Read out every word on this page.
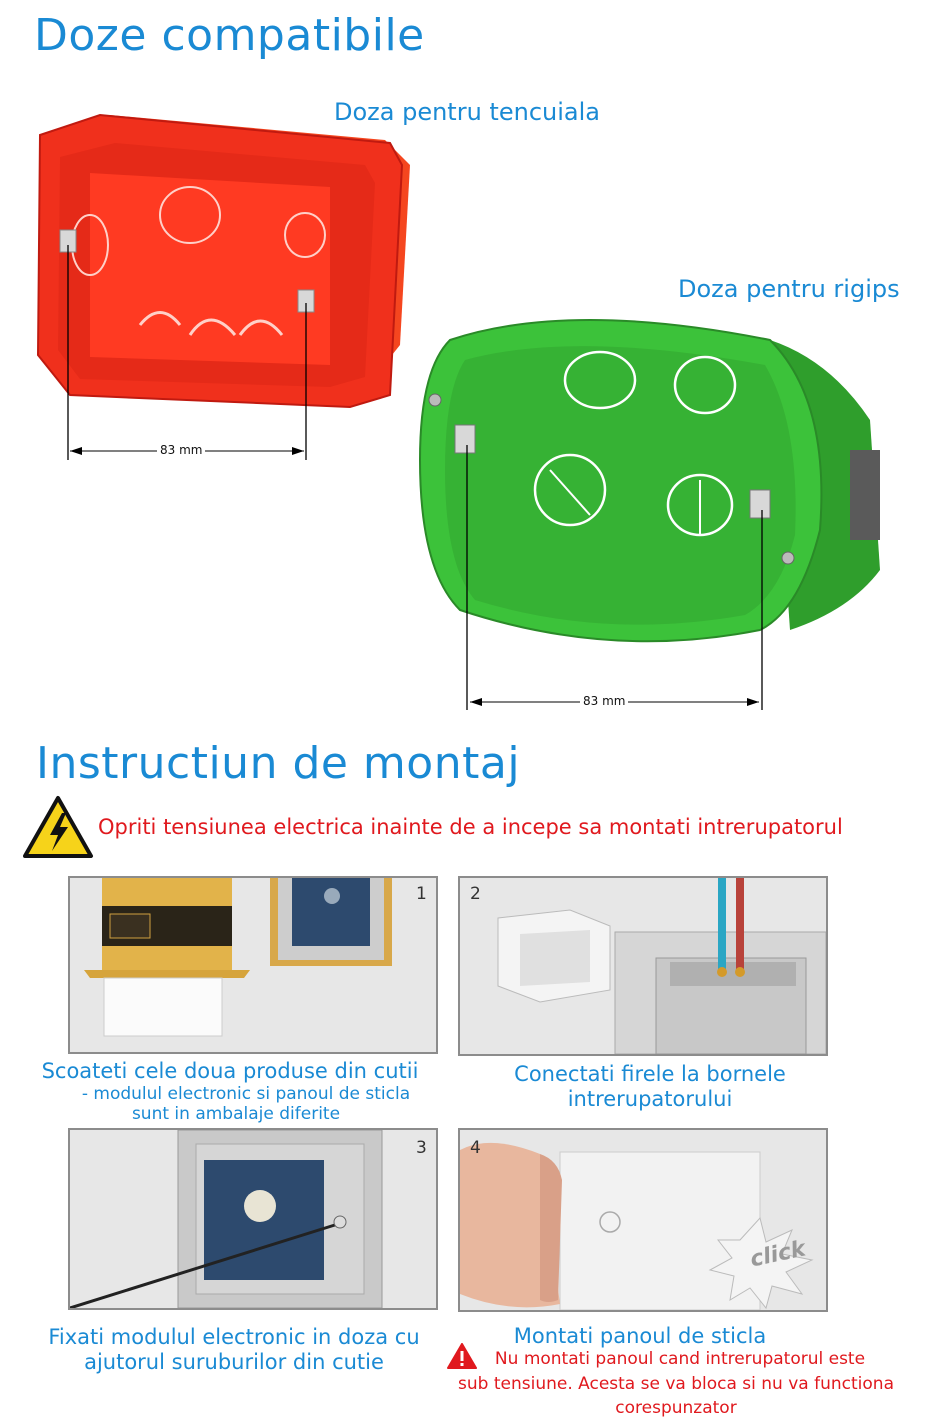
Doze compatibile
Doza pentru tencuiala
Doza pentru rigips
83 mm
83 mm
Instructiun de montaj
Opriti tensiunea electrica inainte de a incepe sa montati intrerupatorul
1	2
Scoateti cele doua produse din cutii
- modulul electronic si panoul de sticla
sunt in ambalaje diferite
Conectati firele la bornele
intrerupatorului
3	4
click
Fixati modulul electronic in doza cu
ajutorul suruburilor din cutie
Montati panoul de sticla
Nu montati panoul cand intrerupatorul este
sub tensiune. Acesta se va bloca si nu va functiona
corespunzator
